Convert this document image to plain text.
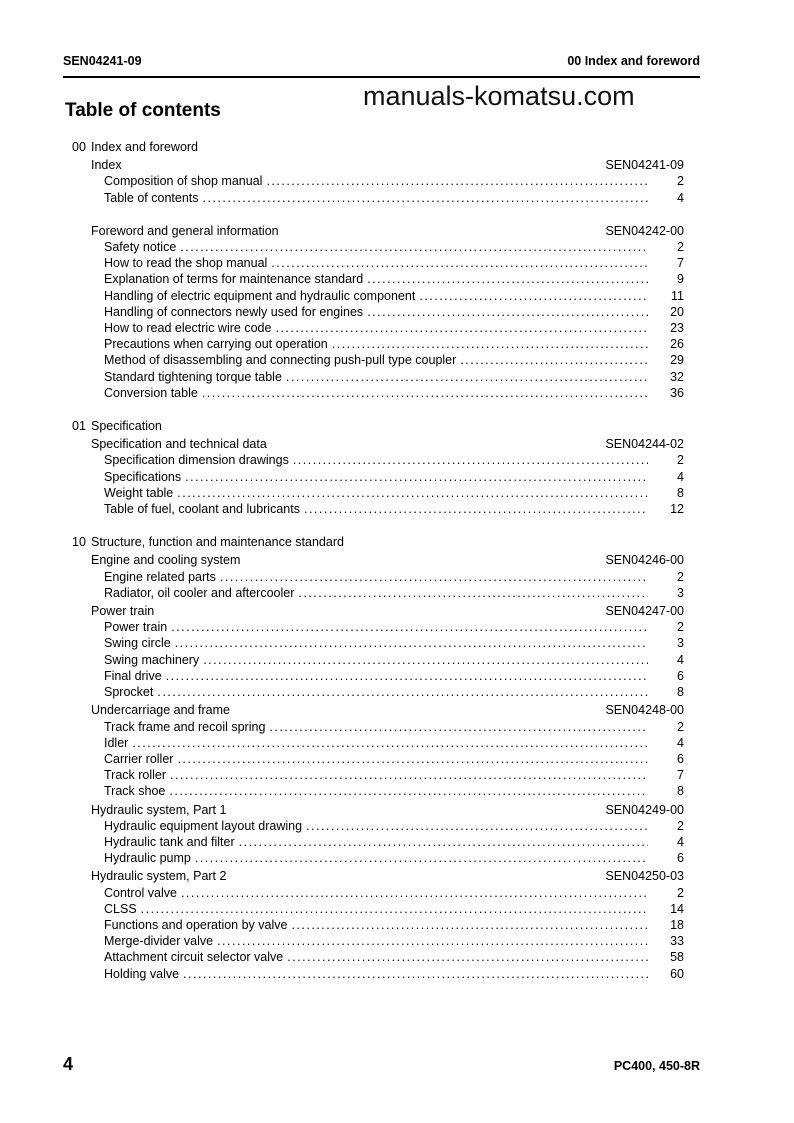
SEN04241-09	00 Index and foreword
manuals-komatsu.com
Table of contents
00 Index and foreword
Index	SEN04241-09
Composition of shop manual .....	2
Table of contents .....	4
Foreword and general information	SEN04242-00
Safety notice .....	2
How to read the shop manual .....	7
Explanation of terms for maintenance standard .....	9
Handling of electric equipment and hydraulic component .....	11
Handling of connectors newly used for engines .....	20
How to read electric wire code .....	23
Precautions when carrying out operation .....	26
Method of disassembling and connecting push-pull type coupler .....	29
Standard tightening torque table .....	32
Conversion table .....	36
01 Specification
Specification and technical data	SEN04244-02
Specification dimension drawings .....	2
Specifications .....	4
Weight table .....	8
Table of fuel, coolant and lubricants .....	12
10 Structure, function and maintenance standard
Engine and cooling system	SEN04246-00
Engine related parts .....	2
Radiator, oil cooler and aftercooler .....	3
Power train	SEN04247-00
Power train .....	2
Swing circle .....	3
Swing machinery .....	4
Final drive .....	6
Sprocket .....	8
Undercarriage and frame	SEN04248-00
Track frame and recoil spring .....	2
Idler .....	4
Carrier roller .....	6
Track roller .....	7
Track shoe .....	8
Hydraulic system, Part 1	SEN04249-00
Hydraulic equipment layout drawing .....	2
Hydraulic tank and filter .....	4
Hydraulic pump .....	6
Hydraulic system, Part 2	SEN04250-03
Control valve .....	2
CLSS .....	14
Functions and operation by valve .....	18
Merge-divider valve .....	33
Attachment circuit selector valve .....	58
Holding valve .....	60
4	PC400, 450-8R
